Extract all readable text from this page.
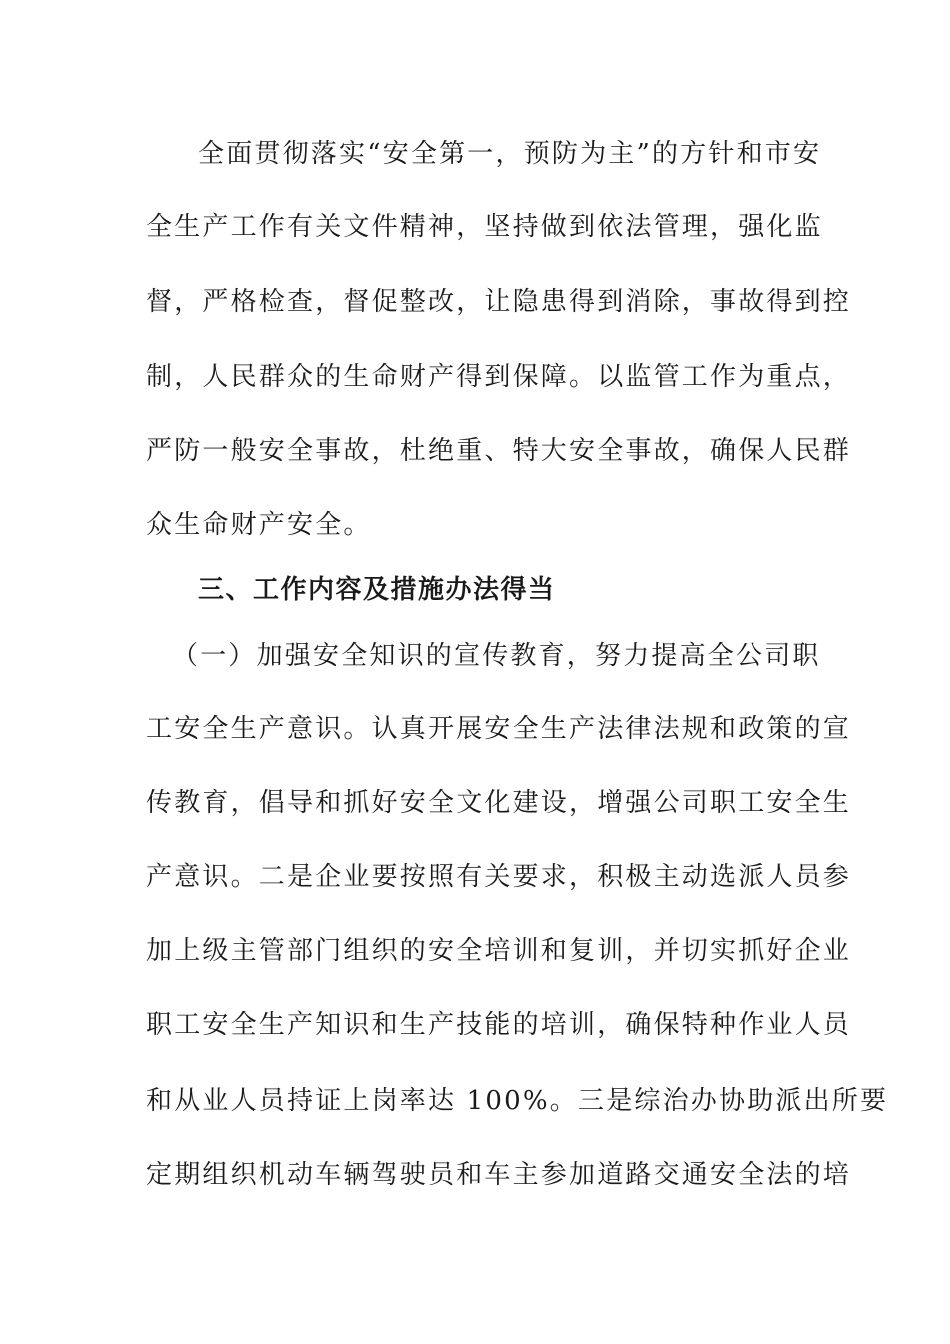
全面贯彻落实“安全第一，预防为主”的方针和市安
全生产工作有关文件精神，坚持做到依法管理，强化监
督，严格检查，督促整改，让隐患得到消除，事故得到控
制，人民群众的生命财产得到保障。以监管工作为重点，
严防一般安全事故，杜绝重、特大安全事故，确保人民群
众生命财产安全。
三、工作内容及措施办法得当
（一）加强安全知识的宣传教育，努力提高全公司职
工安全生产意识。认真开展安全生产法律法规和政策的宣
传教育，倡导和抓好安全文化建设，增强公司职工安全生
产意识。二是企业要按照有关要求，积极主动选派人员参
加上级主管部门组织的安全培训和复训，并切实抓好企业
职工安全生产知识和生产技能的培训，确保特种作业人员
和从业人员持证上岗率达 100%。三是综治办协助派出所要
定期组织机动车辆驾驶员和车主参加道路交通安全法的培
